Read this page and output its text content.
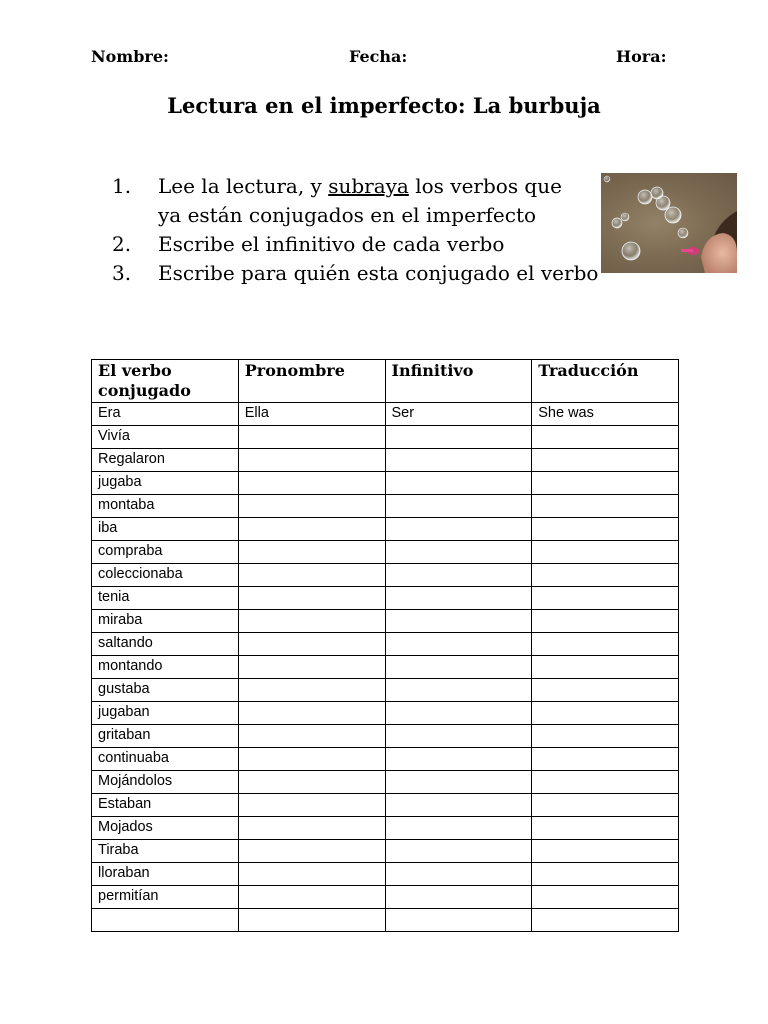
Nombre:	Fecha:	Hora:
Lectura en el imperfecto: La burbuja
1. Lee la lectura, y subraya los verbos que ya están conjugados en el imperfecto
2. Escribe el infinitivo de cada verbo
3. Escribe para quién esta conjugado el verbo
El verbo conjugado	Pronombre	Infinitivo	Traducción
Era	Ella	Ser	She was
Vivía			
Regalaron			
jugaba			
montaba			
iba			
compraba			
coleccionaba			
tenia			
miraba			
saltando			
montando			
gustaba			
jugaban			
gritaban			
continuaba			
Mojándolos			
Estaban			
Mojados			
Tiraba			
lloraban			
permitían			
